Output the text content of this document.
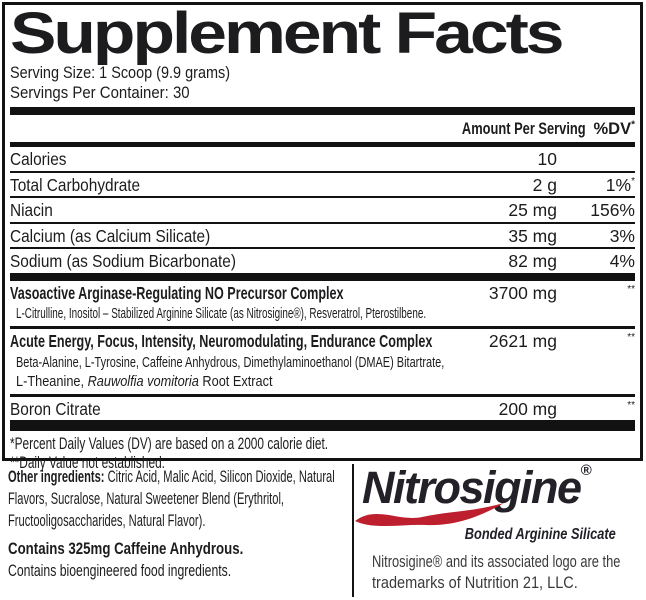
Supplement Facts
Serving Size: 1 Scoop (9.9 grams)
Servings Per Container: 30
Amount Per Serving %DV*
Calories	10
Total Carbohydrate	2 g	1%*
Niacin	25 mg	156%
Calcium (as Calcium Silicate)	35 mg	3%
Sodium (as Sodium Bicarbonate)	82 mg	4%
Vasoactive Arginase-Regulating NO Precursor Complex	3700 mg	**
L-Citrulline, Inositol – Stabilized Arginine Silicate (as Nitrosigine®), Resveratrol, Pterostilbene.
Acute Energy, Focus, Intensity, Neuromodulating, Endurance Complex	2621 mg	**
Beta-Alanine, L-Tyrosine, Caffeine Anhydrous, Dimethylaminoethanol (DMAE) Bitartrate,
L-Theanine, Rauwolfia vomitoria Root Extract
Boron Citrate	200 mg	**
*Percent Daily Values (DV) are based on a 2000 calorie diet.
**Daily Value not established.
Other ingredients: Citric Acid, Malic Acid, Silicon Dioxide, Natural Flavors, Sucralose, Natural Sweetener Blend (Erythritol, Fructooligosaccharides, Natural Flavor).
Contains 325mg Caffeine Anhydrous.
Contains bioengineered food ingredients.
Nitrosigine®
Bonded Arginine Silicate
Nitrosigine® and its associated logo are the
trademarks of Nutrition 21, LLC.
